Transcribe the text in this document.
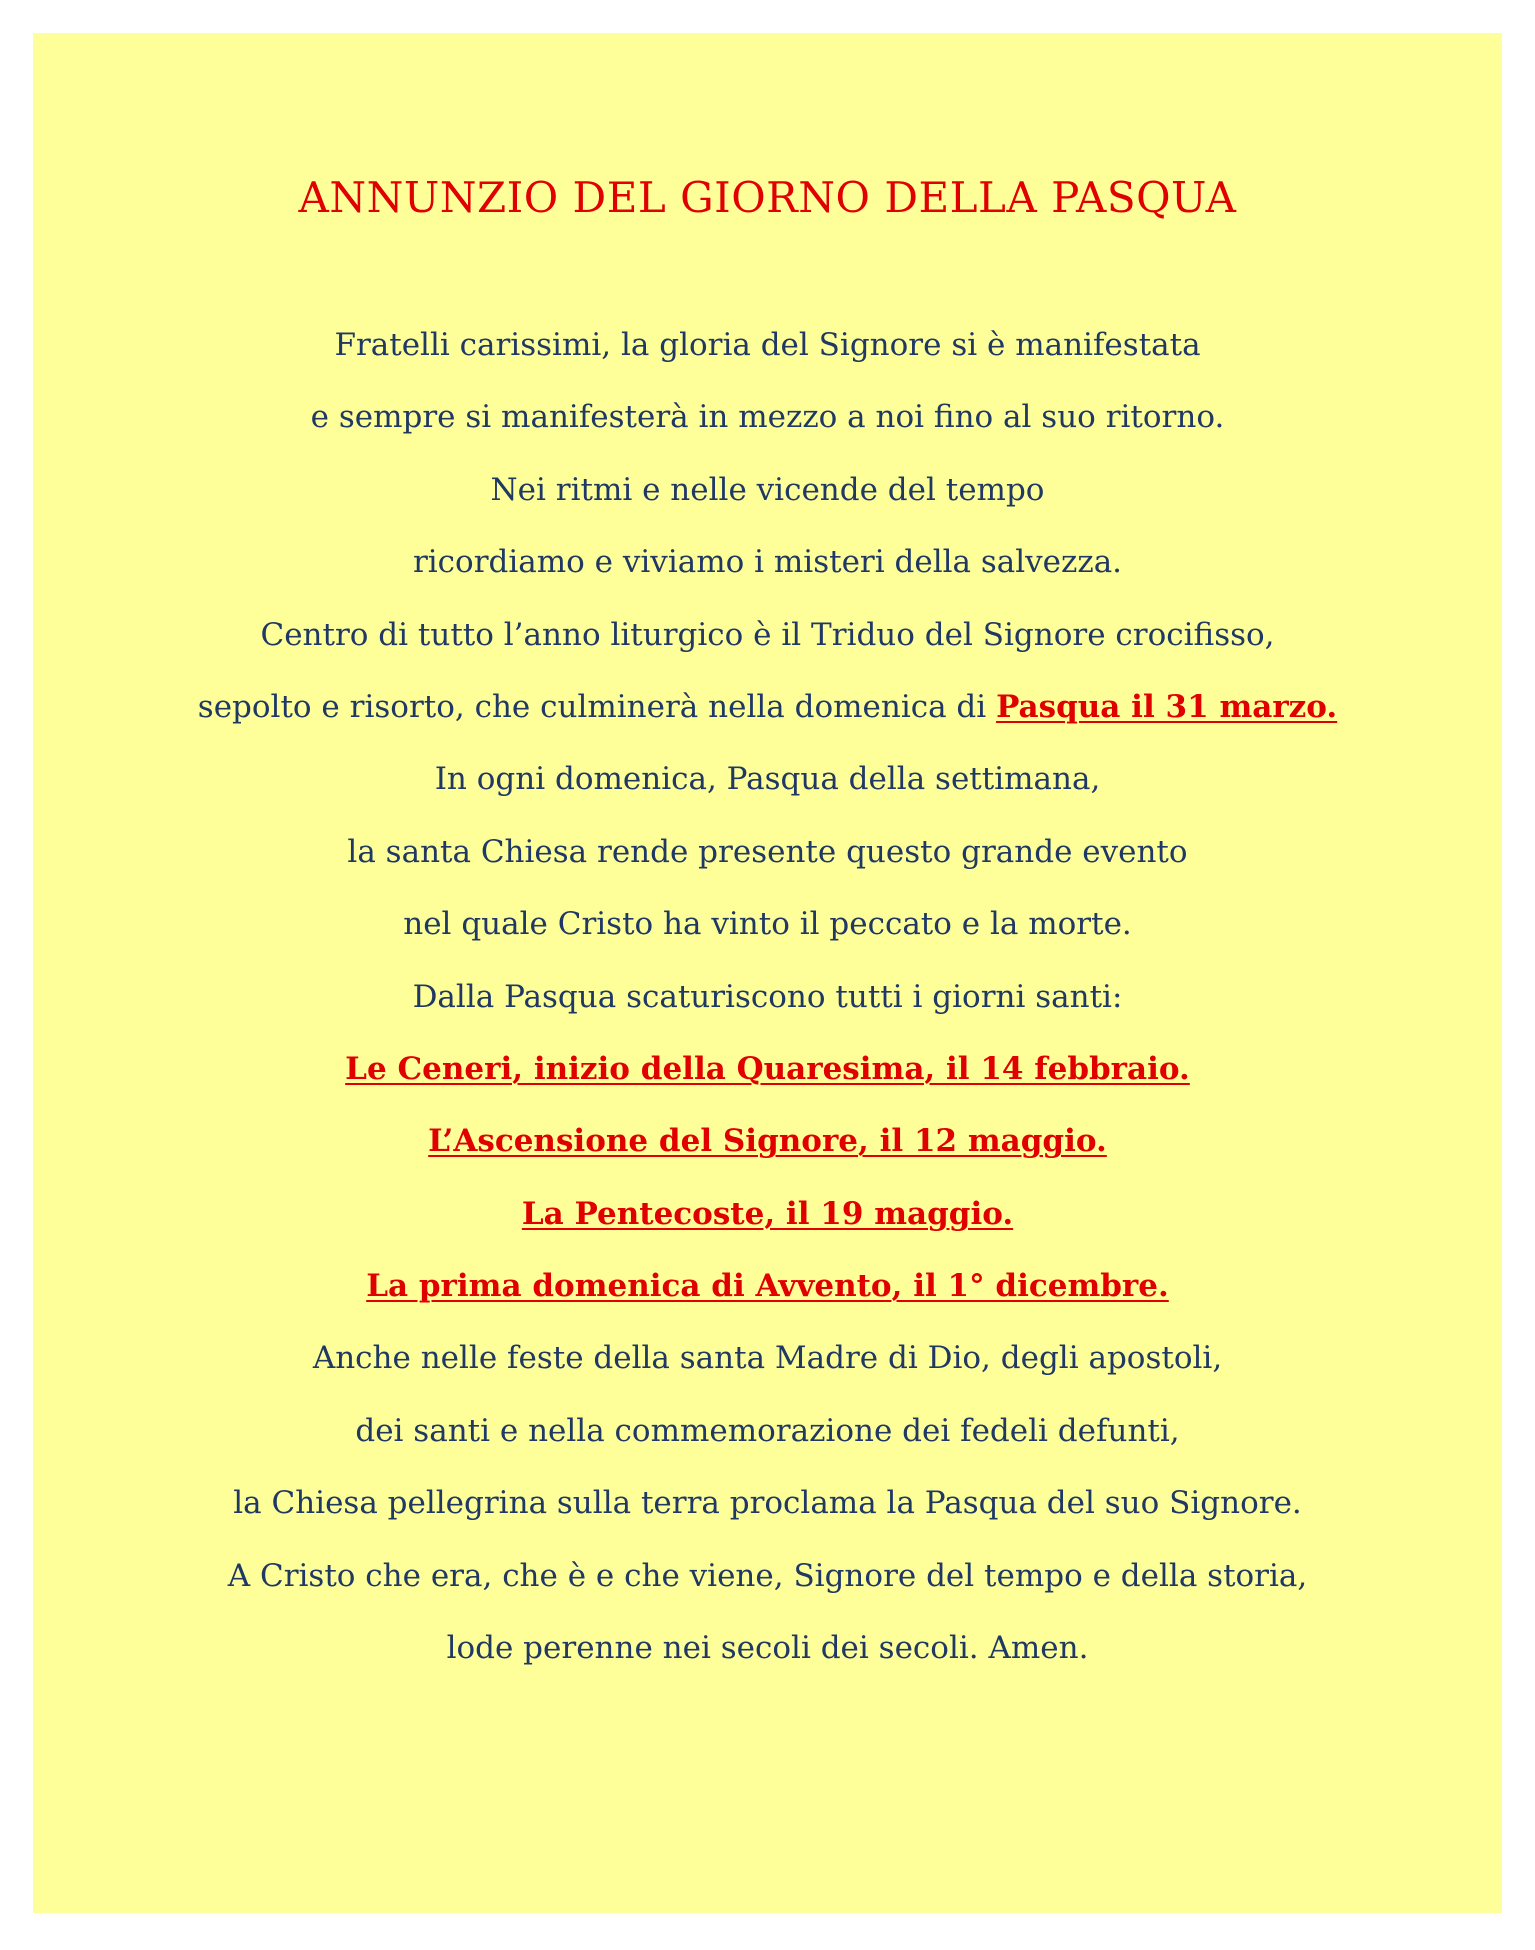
ANNUNZIO DEL GIORNO DELLA PASQUA
Fratelli carissimi, la gloria del Signore si è manifestata
e sempre si manifesterà in mezzo a noi fino al suo ritorno.
Nei ritmi e nelle vicende del tempo
ricordiamo e viviamo i misteri della salvezza.
Centro di tutto l’anno liturgico è il Triduo del Signore crocifisso,
sepolto e risorto, che culminerà nella domenica di Pasqua il 31 marzo.
In ogni domenica, Pasqua della settimana,
la santa Chiesa rende presente questo grande evento
nel quale Cristo ha vinto il peccato e la morte.
Dalla Pasqua scaturiscono tutti i giorni santi:
Le Ceneri, inizio della Quaresima, il 14 febbraio.
L’Ascensione del Signore, il 12 maggio.
La Pentecoste, il 19 maggio.
La prima domenica di Avvento, il 1° dicembre.
Anche nelle feste della santa Madre di Dio, degli apostoli,
dei santi e nella commemorazione dei fedeli defunti,
la Chiesa pellegrina sulla terra proclama la Pasqua del suo Signore.
A Cristo che era, che è e che viene, Signore del tempo e della storia,
lode perenne nei secoli dei secoli. Amen.
